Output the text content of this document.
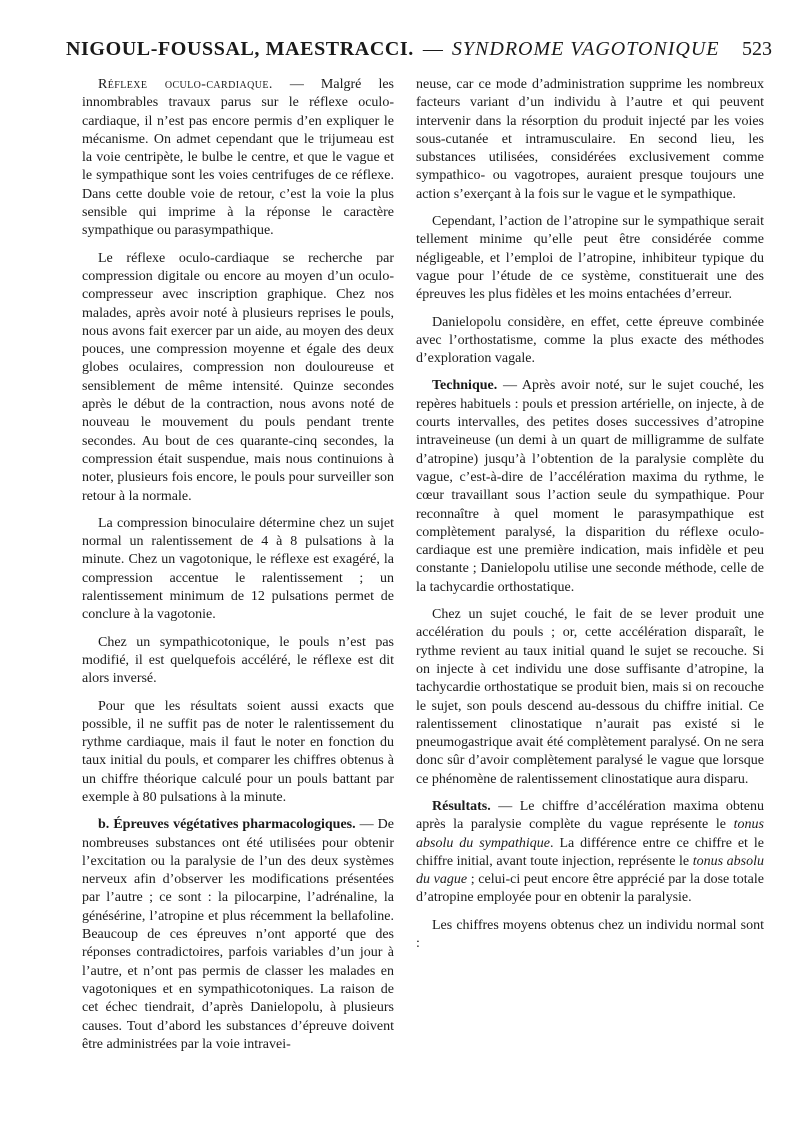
NIGOUL-FOUSSAL, MAESTRACCI. — SYNDROME VAGOTONIQUE 523

Réflexe oculo-cardiaque. — Malgré les innombrables travaux parus sur le réflexe oculo-cardiaque, il n’est pas encore permis d’en expliquer le mécanisme. On admet cependant que le trijumeau est la voie centripète, le bulbe le centre, et que le vague et le sympathique sont les voies centrifuges de ce réflexe. Dans cette double voie de retour, c’est la voie la plus sensible qui imprime à la réponse le caractère sympathique ou parasympathique.

Le réflexe oculo-cardiaque se recherche par compression digitale ou encore au moyen d’un oculo-compresseur avec inscription graphique. Chez nos malades, après avoir noté à plusieurs reprises le pouls, nous avons fait exercer par un aide, au moyen des deux pouces, une compression moyenne et égale des deux globes oculaires, compression non douloureuse et sensiblement de même intensité. Quinze secondes après le début de la contraction, nous avons noté de nouveau le mouvement du pouls pendant trente secondes. Au bout de ces quarante-cinq secondes, la compression était suspendue, mais nous continuions à noter, plusieurs fois encore, le pouls pour surveiller son retour à la normale.

La compression binoculaire détermine chez un sujet normal un ralentissement de 4 à 8 pulsations à la minute. Chez un vagotonique, le réflexe est exagéré, la compression accentue le ralentissement ; un ralentissement minimum de 12 pulsations permet de conclure à la vagotonie.

Chez un sympathicotonique, le pouls n’est pas modifié, il est quelquefois accéléré, le réflexe est dit alors inversé.

Pour que les résultats soient aussi exacts que possible, il ne suffit pas de noter le ralentissement du rythme cardiaque, mais il faut le noter en fonction du taux initial du pouls, et comparer les chiffres obtenus à un chiffre théorique calculé pour un pouls battant par exemple à 80 pulsations à la minute.

b. Épreuves végétatives pharmacologiques. — De nombreuses substances ont été utilisées pour obtenir l’excitation ou la paralysie de l’un des deux systèmes nerveux afin d’observer les modifications présentées par l’autre ; ce sont : la pilocarpine, l’adrénaline, la génésérine, l’atropine et plus récemment la bellafoline. Beaucoup de ces épreuves n’ont apporté que des réponses contradictoires, parfois variables d’un jour à l’autre, et n’ont pas permis de classer les malades en vagotoniques et en sympathicotoniques. La raison de cet échec tiendrait, d’après Danielopolu, à plusieurs causes. Tout d’abord les substances d’épreuve doivent être administrées par la voie intravei-

neuse, car ce mode d’administration supprime les nombreux facteurs variant d’un individu à l’autre et qui peuvent intervenir dans la résorption du produit injecté par les voies sous-cutanée et intramusculaire. En second lieu, les substances utilisées, considérées exclusivement comme sympathico- ou vagotropes, auraient presque toujours une action s’exerçant à la fois sur le vague et le sympathique.

Cependant, l’action de l’atropine sur le sympathique serait tellement minime qu’elle peut être considérée comme négligeable, et l’emploi de l’atropine, inhibiteur typique du vague pour l’étude de ce système, constituerait une des épreuves les plus fidèles et les moins entachées d’erreur.

Danielopolu considère, en effet, cette épreuve combinée avec l’orthostatisme, comme la plus exacte des méthodes d’exploration vagale.

Technique. — Après avoir noté, sur le sujet couché, les repères habituels : pouls et pression artérielle, on injecte, à de courts intervalles, des petites doses successives d’atropine intraveineuse (un demi à un quart de milligramme de sulfate d’atropine) jusqu’à l’obtention de la paralysie complète du vague, c’est-à-dire de l’accélération maxima du rythme, le cœur travaillant sous l’action seule du sympathique. Pour reconnaître à quel moment le parasympathique est complètement paralysé, la disparition du réflexe oculo-cardiaque est une première indication, mais infidèle et peu constante ; Danielopolu utilise une seconde méthode, celle de la tachycardie orthostatique.

Chez un sujet couché, le fait de se lever produit une accélération du pouls ; or, cette accélération disparaît, le rythme revient au taux initial quand le sujet se recouche. Si on injecte à cet individu une dose suffisante d’atropine, la tachycardie orthostatique se produit bien, mais si on recouche le sujet, son pouls descend au-dessous du chiffre initial. Ce ralentissement clinostatique n’aurait pas existé si le pneumogastrique avait été complètement paralysé. On ne sera donc sûr d’avoir complètement paralysé le vague que lorsque ce phénomène de ralentissement clinostatique aura disparu.

Résultats. — Le chiffre d’accélération maxima obtenu après la paralysie complète du vague représente le tonus absolu du sympathique. La différence entre ce chiffre et le chiffre initial, avant toute injection, représente le tonus absolu du vague ; celui-ci peut encore être apprécié par la dose totale d’atropine employée pour en obtenir la paralysie.

Les chiffres moyens obtenus chez un individu normal sont :
